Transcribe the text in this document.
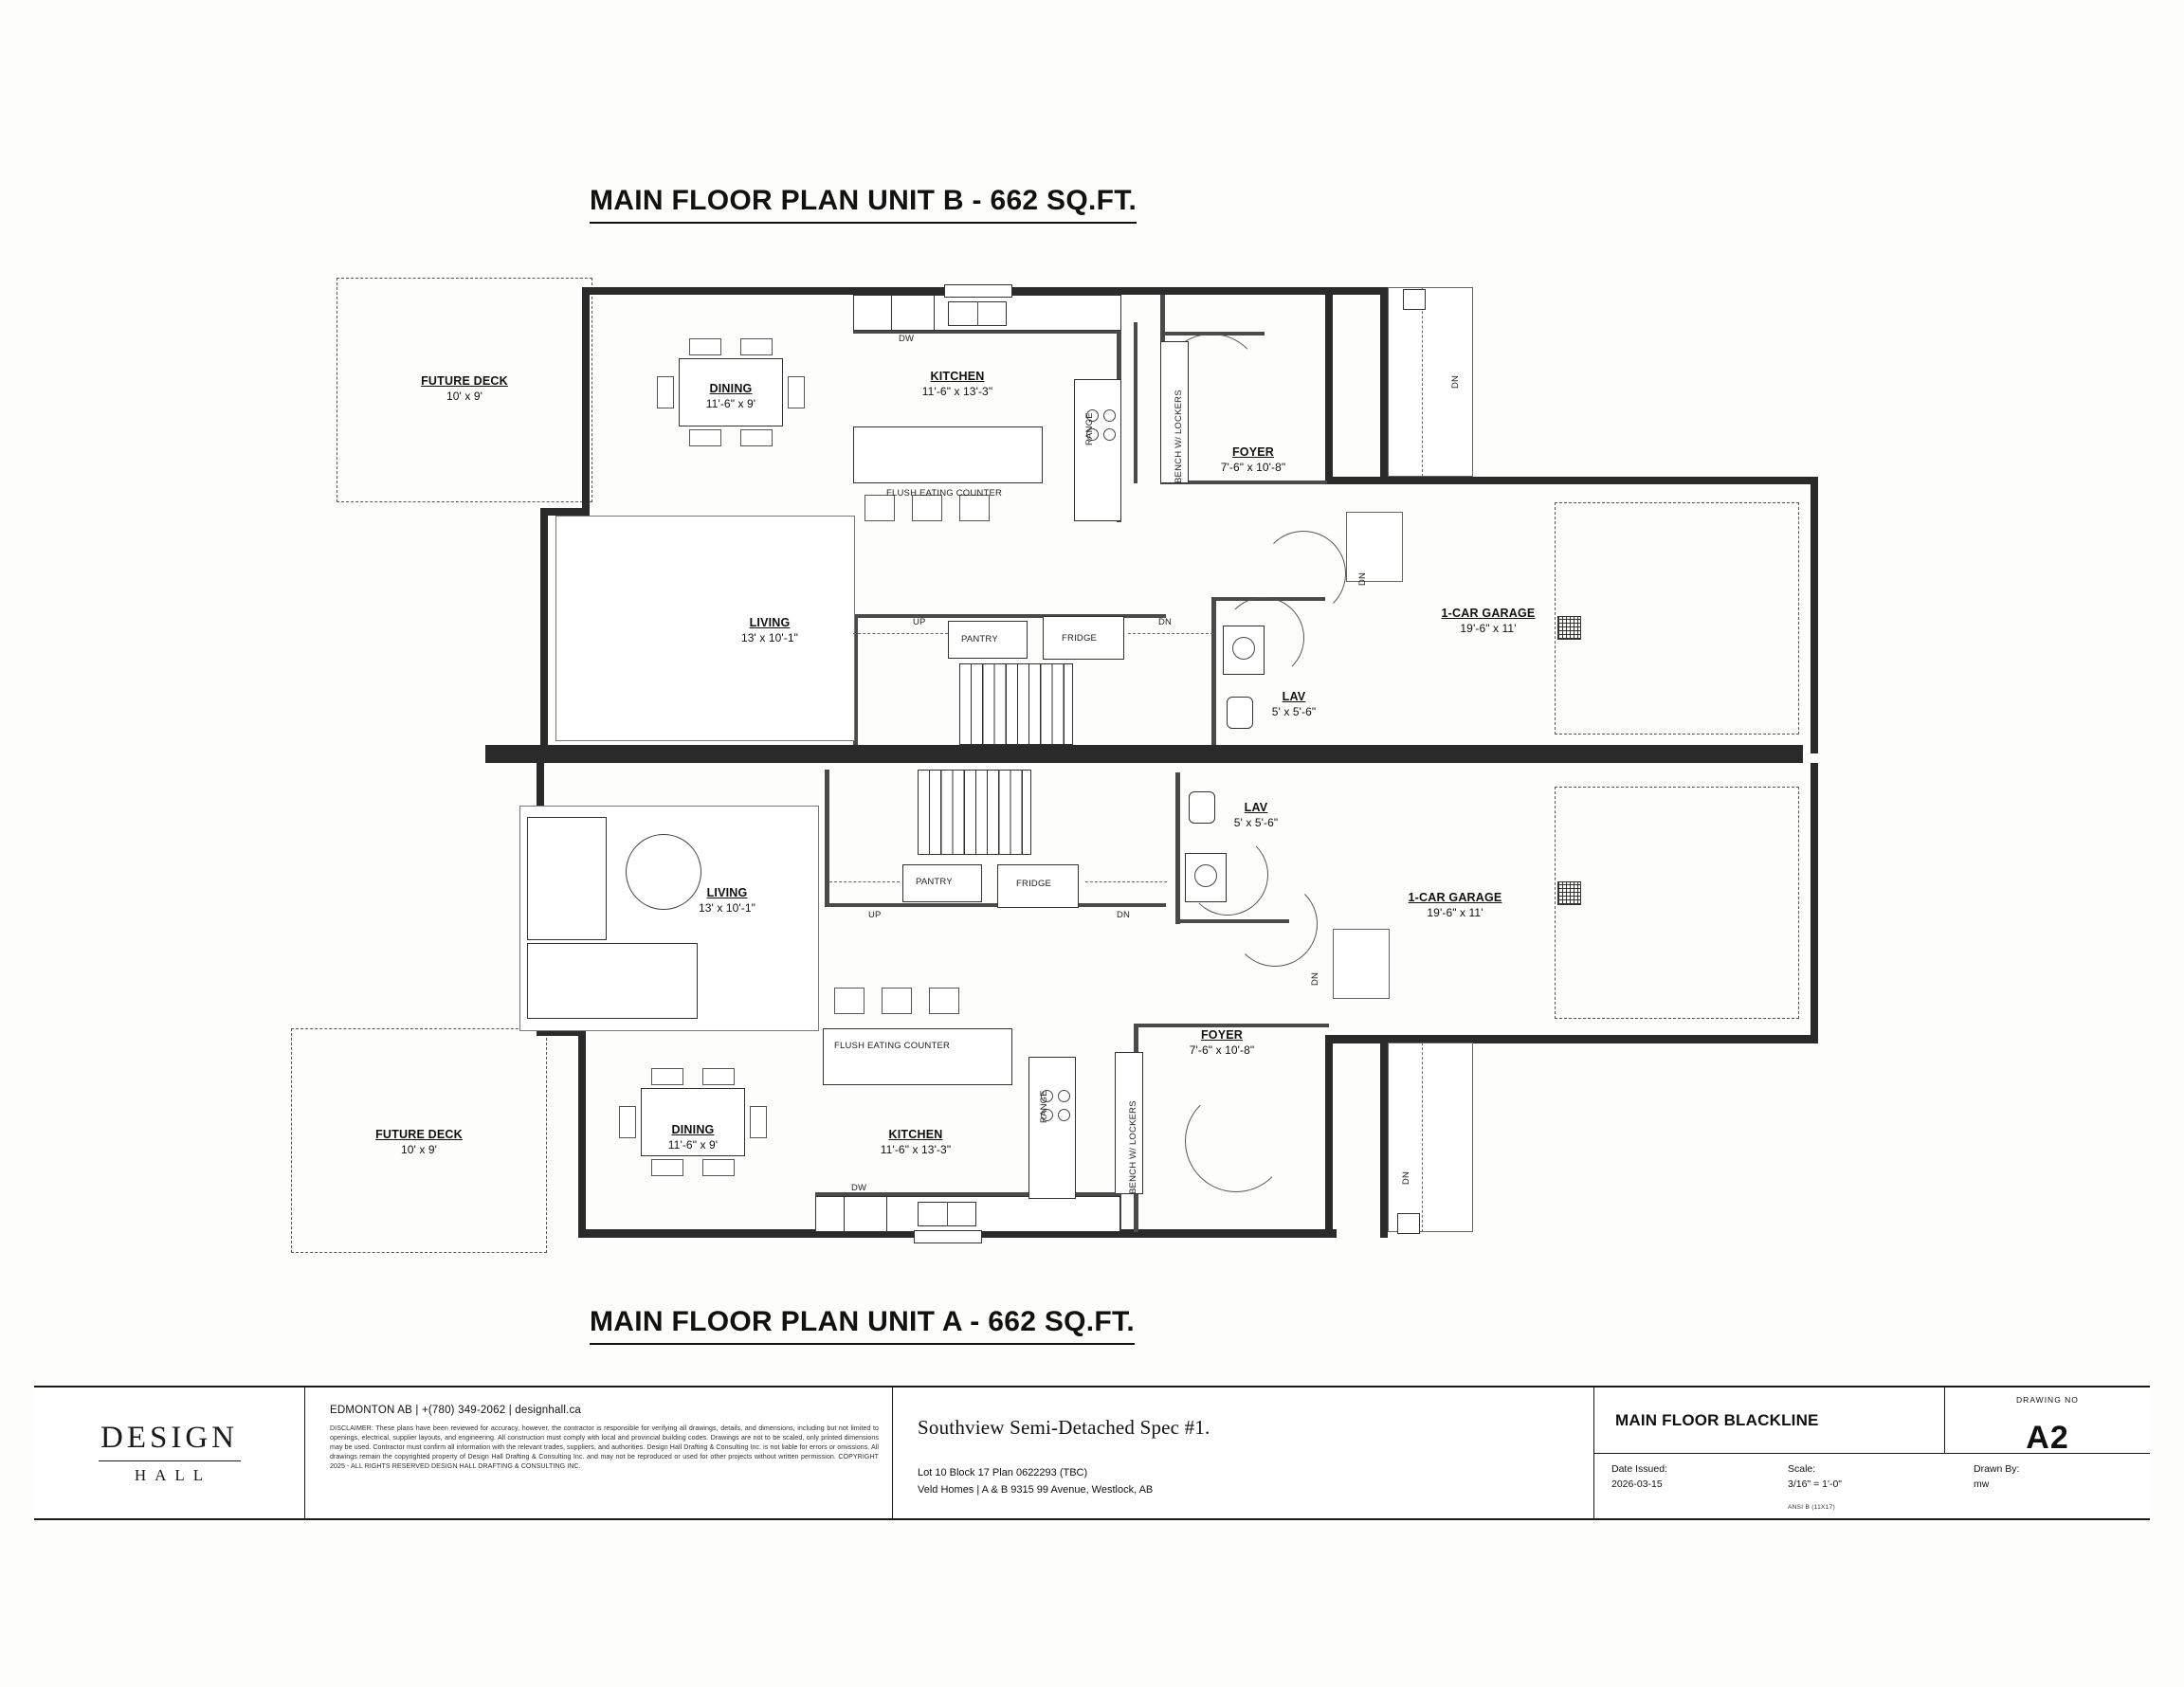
MAIN FLOOR PLAN UNIT B - 662 SQ.FT.
MAIN FLOOR PLAN UNIT A - 662 SQ.FT.
FUTURE DECK
10' x 9'
DINING
11'-6" x 9'
KITCHEN
11'-6" x 13'-3"
FOYER
7'-6" x 10'-8"
LIVING
13' x 10'-1"
LAV
5' x 5'-6"
1-CAR GARAGE
19'-6" x 11'
DW
RANGE	BENCH W/ LOCKERS
FLUSH EATING COUNTER
PANTRY	FRIDGE
UP	DN
DN
DN
FUTURE DECK
10' x 9'
DINING
11'-6" x 9'
KITCHEN
11'-6" x 13'-3"
FOYER
7'-6" x 10'-8"
LIVING
13' x 10'-1"
LAV
5' x 5'-6"
1-CAR GARAGE
19'-6" x 11'
DW
RANGE	BENCH W/ LOCKERS
FLUSH EATING COUNTER
PANTRY	FRIDGE
UP	DN
DN
DN
DESIGN
HALL
EDMONTON AB | +(780) 349-2062 | designhall.ca
DISCLAIMER: These plans have been reviewed for accuracy, however, the contractor is responsible for verifying all drawings, details, and dimensions, including but not limited to openings, electrical, supplier layouts, and engineering. All construction must comply with local and provincial building codes. Drawings are not to be scaled, only printed dimensions may be used. Contractor must confirm all information with the relevant trades, suppliers, and authorities. Design Hall Drafting & Consulting Inc. is not liable for errors or omissions. All drawings remain the copyrighted property of Design Hall Drafting & Consulting Inc. and may not be reproduced or used for other projects without written permission. COPYRIGHT 2025 - ALL RIGHTS RESERVED DESIGN HALL DRAFTING & CONSULTING INC.
Southview Semi-Detached Spec #1.
Lot 10 Block 17 Plan 0622293 (TBC)
Veld Homes | A & B 9315 99 Avenue, Westlock, AB
MAIN FLOOR BLACKLINE
DRAWING NO
A2
Date Issued:
2026-03-15
Scale:
3/16" = 1'-0"
ANSI B (11X17)
Drawn By:
mw
